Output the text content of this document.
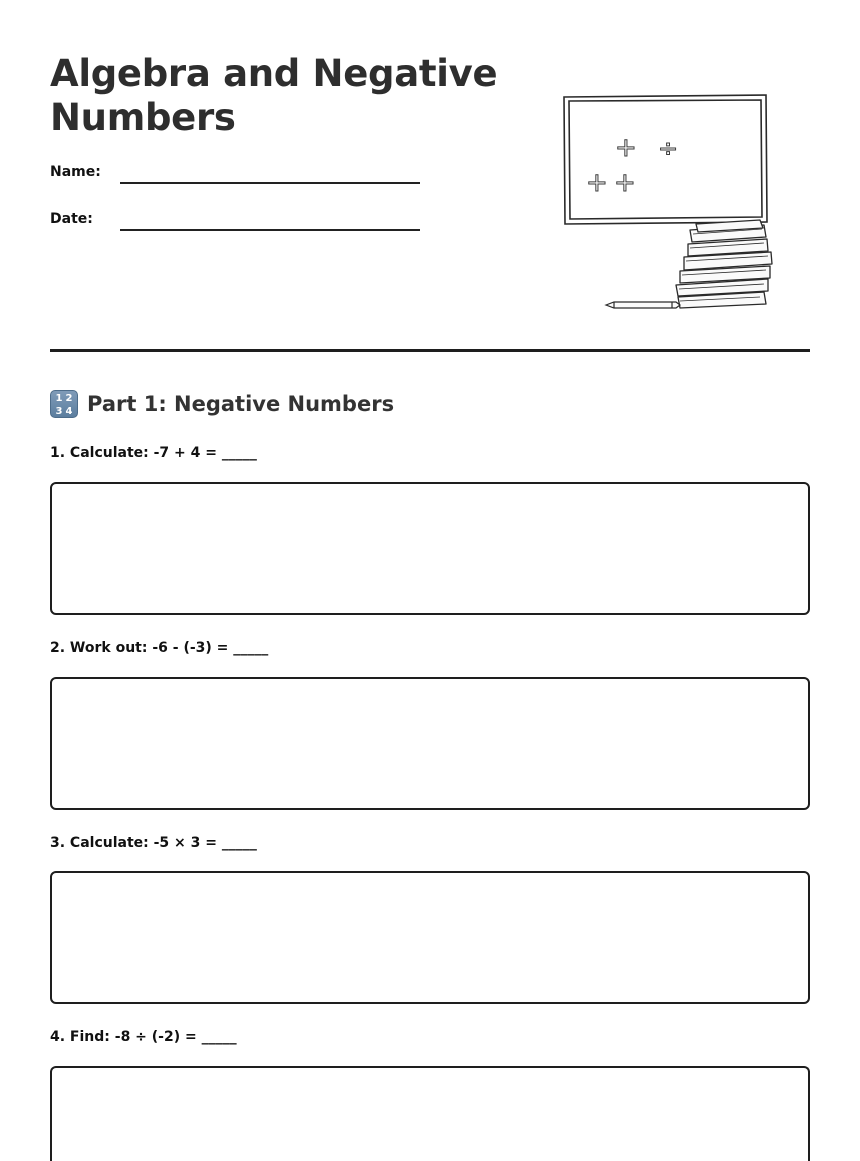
Algebra and Negative Numbers
Name:
Date:
+ ÷
+ +
1 2
3 4 Part 1: Negative Numbers
1. Calculate: -7 + 4 = _____
2. Work out: -6 - (-3) = _____
3. Calculate: -5 × 3 = _____
4. Find: -8 ÷ (-2) = _____
